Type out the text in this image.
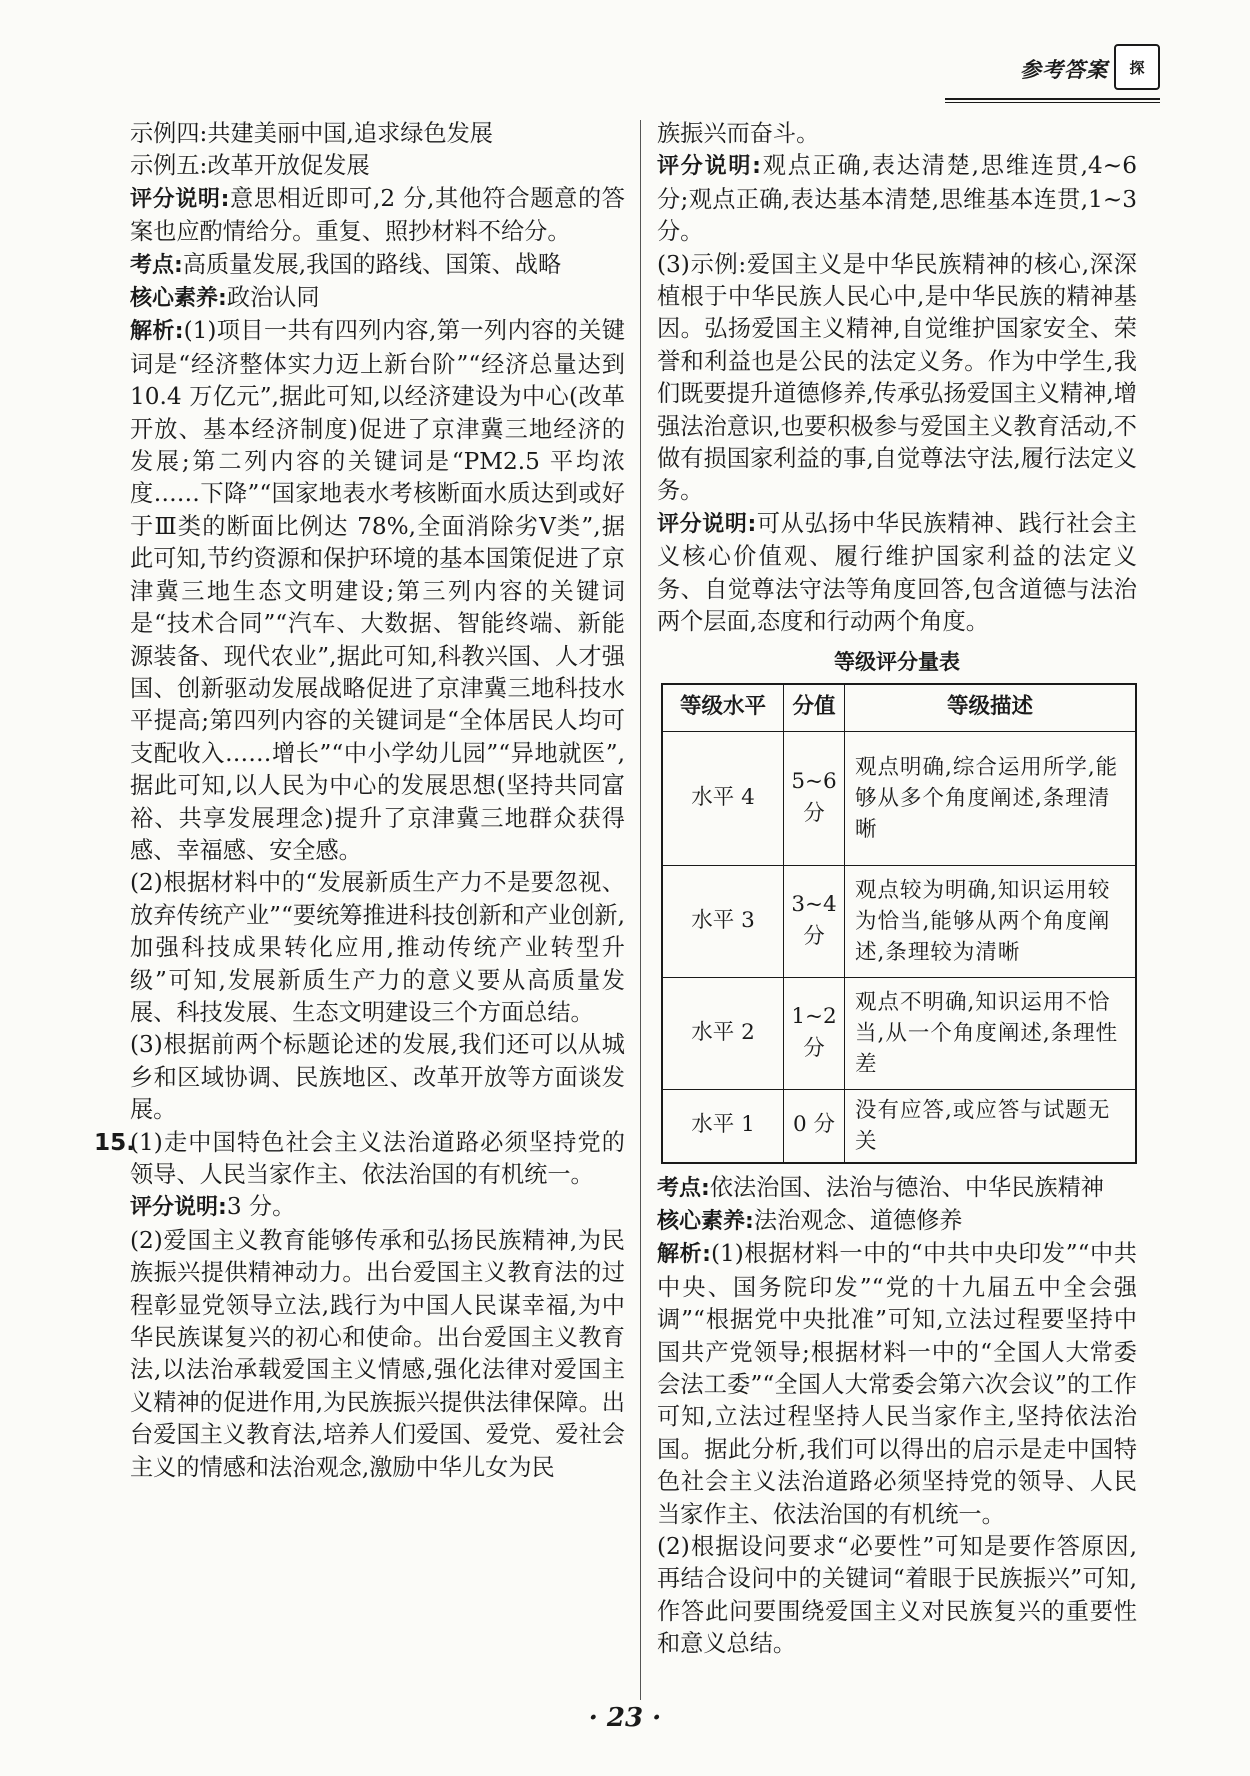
参考答案	探

示例四:共建美丽中国,追求绿色发展

示例五:改革开放促发展

评分说明:意思相近即可,2 分,其他符合题意的答案也应酌情给分。重复、照抄材料不给分。

考点:高质量发展,我国的路线、国策、战略

核心素养:政治认同

解析:(1)项目一共有四列内容,第一列内容的关键词是“经济整体实力迈上新台阶”“经济总量达到 10.4 万亿元”,据此可知,以经济建设为中心(改革开放、基本经济制度)促进了京津冀三地经济的发展;第二列内容的关键词是“PM2.5 平均浓度……下降”“国家地表水考核断面水质达到或好于Ⅲ类的断面比例达 78%,全面消除劣Ⅴ类”,据此可知,节约资源和保护环境的基本国策促进了京津冀三地生态文明建设;第三列内容的关键词是“技术合同”“汽车、大数据、智能终端、新能源装备、现代农业”,据此可知,科教兴国、人才强国、创新驱动发展战略促进了京津冀三地科技水平提高;第四列内容的关键词是“全体居民人均可支配收入……增长”“中小学幼儿园”“异地就医”,据此可知,以人民为中心的发展思想(坚持共同富裕、共享发展理念)提升了京津冀三地群众获得感、幸福感、安全感。

(2)根据材料中的“发展新质生产力不是要忽视、放弃传统产业”“要统筹推进科技创新和产业创新,加强科技成果转化应用,推动传统产业转型升级”可知,发展新质生产力的意义要从高质量发展、科技发展、生态文明建设三个方面总结。

(3)根据前两个标题论述的发展,我们还可以从城乡和区域协调、民族地区、改革开放等方面谈发展。

15.(1)走中国特色社会主义法治道路必须坚持党的领导、人民当家作主、依法治国的有机统一。

评分说明:3 分。

(2)爱国主义教育能够传承和弘扬民族精神,为民族振兴提供精神动力。出台爱国主义教育法的过程彰显党领导立法,践行为中国人民谋幸福,为中华民族谋复兴的初心和使命。出台爱国主义教育法,以法治承载爱国主义情感,强化法律对爱国主义精神的促进作用,为民族振兴提供法律保障。出台爱国主义教育法,培养人们爱国、爱党、爱社会主义的情感和法治观念,激励中华儿女为民

族振兴而奋斗。

评分说明:观点正确,表达清楚,思维连贯,4~6 分;观点正确,表达基本清楚,思维基本连贯,1~3 分。

(3)示例:爱国主义是中华民族精神的核心,深深植根于中华民族人民心中,是中华民族的精神基因。弘扬爱国主义精神,自觉维护国家安全、荣誉和利益也是公民的法定义务。作为中学生,我们既要提升道德修养,传承弘扬爱国主义精神,增强法治意识,也要积极参与爱国主义教育活动,不做有损国家利益的事,自觉尊法守法,履行法定义务。

评分说明:可从弘扬中华民族精神、践行社会主义核心价值观、履行维护国家利益的法定义务、自觉尊法守法等角度回答,包含道德与法治两个层面,态度和行动两个角度。

等级评分量表
等级水平	分值	等级描述
水平 4	5~6 分	观点明确,综合运用所学,能够从多个角度阐述,条理清晰
水平 3	3~4 分	观点较为明确,知识运用较为恰当,能够从两个角度阐述,条理较为清晰
水平 2	1~2 分	观点不明确,知识运用不恰当,从一个角度阐述,条理性差
水平 1	0 分	没有应答,或应答与试题无关

考点:依法治国、法治与德治、中华民族精神

核心素养:法治观念、道德修养

解析:(1)根据材料一中的“中共中央印发”“中共中央、国务院印发”“党的十九届五中全会强调”“根据党中央批准”可知,立法过程要坚持中国共产党领导;根据材料一中的“全国人大常委会法工委”“全国人大常委会第六次会议”的工作可知,立法过程坚持人民当家作主,坚持依法治国。据此分析,我们可以得出的启示是走中国特色社会主义法治道路必须坚持党的领导、人民当家作主、依法治国的有机统一。

(2)根据设问要求“必要性”可知是要作答原因,再结合设问中的关键词“着眼于民族振兴”可知,作答此问要围绕爱国主义对民族复兴的重要性和意义总结。

· 23 ·
